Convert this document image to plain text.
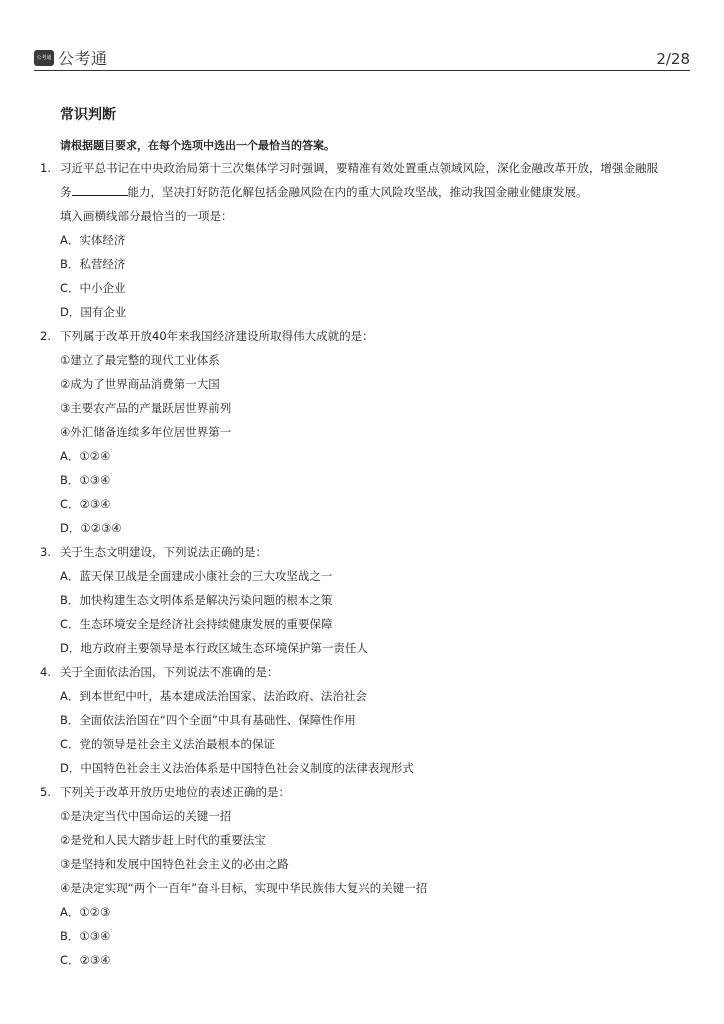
公考通 公考通	2/28
常识判断
请根据题目要求，在每个选项中选出一个最恰当的答案。
1. 习近平总书记在中央政治局第十三次集体学习时强调，要精准有效处置重点领域风险，深化金融改革开放，增强金融服
务	能力，坚决打好防范化解包括金融风险在内的重大风险攻坚战，推动我国金融业健康发展。
填入画横线部分最恰当的一项是：
A．实体经济
B．私营经济
C．中小企业
D．国有企业
2. 下列属于改革开放40年来我国经济建设所取得伟大成就的是：
①建立了最完整的现代工业体系
②成为了世界商品消费第一大国
③主要农产品的产量跃居世界前列
④外汇储备连续多年位居世界第一
A．①②④
B．①③④
C．②③④
D．①②③④
3. 关于生态文明建设，下列说法正确的是：
A．蓝天保卫战是全面建成小康社会的三大攻坚战之一
B．加快构建生态文明体系是解决污染问题的根本之策
C．生态环境安全是经济社会持续健康发展的重要保障
D．地方政府主要领导是本行政区域生态环境保护第一责任人
4. 关于全面依法治国，下列说法不准确的是：
A．到本世纪中叶，基本建成法治国家、法治政府、法治社会
B．全面依法治国在“四个全面”中具有基础性、保障性作用
C．党的领导是社会主义法治最根本的保证
D．中国特色社会主义法治体系是中国特色社会义制度的法律表现形式
5. 下列关于改革开放历史地位的表述正确的是：
①是决定当代中国命运的关键一招
②是党和人民大踏步赶上时代的重要法宝
③是坚持和发展中国特色社会主义的必由之路
④是决定实现“两个一百年”奋斗目标，实现中华民族伟大复兴的关键一招
A．①②③
B．①③④
C．②③④
